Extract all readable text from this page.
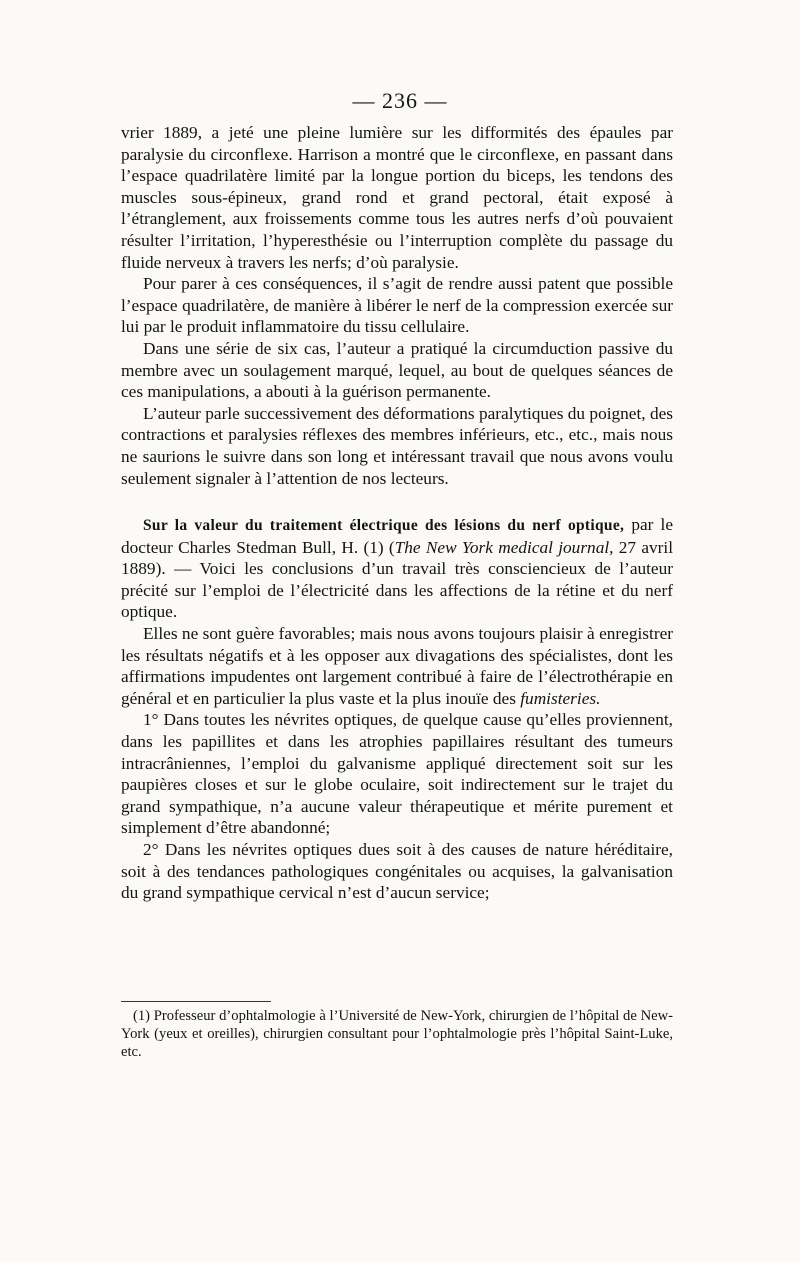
— 236 —

vrier 1889, a jeté une pleine lumière sur les difformités des épaules par paralysie du circonflexe. Harrison a montré que le circonflexe, en passant dans l’espace quadrilatère limité par la longue portion du biceps, les tendons des muscles sous-épineux, grand rond et grand pectoral, était exposé à l’étranglement, aux froissements comme tous les autres nerfs d’où pouvaient résulter l’irritation, l’hyperesthésie ou l’interruption complète du passage du fluide nerveux à travers les nerfs; d’où paralysie.

Pour parer à ces conséquences, il s’agit de rendre aussi patent que possible l’espace quadrilatère, de manière à libérer le nerf de la compression exercée sur lui par le produit inflammatoire du tissu cellulaire.

Dans une série de six cas, l’auteur a pratiqué la circumduction passive du membre avec un soulagement marqué, lequel, au bout de quelques séances de ces manipulations, a abouti à la guérison permanente.

L’auteur parle successivement des déformations paralytiques du poignet, des contractions et paralysies réflexes des membres inférieurs, etc., etc., mais nous ne saurions le suivre dans son long et intéressant travail que nous avons voulu seulement signaler à l’attention de nos lecteurs.

Sur la valeur du traitement électrique des lésions du nerf optique, par le docteur Charles Stedman Bull, H. (1) (The New York medical journal, 27 avril 1889). — Voici les conclusions d’un travail très consciencieux de l’auteur précité sur l’emploi de l’électricité dans les affections de la rétine et du nerf optique.

Elles ne sont guère favorables; mais nous avons toujours plaisir à enregistrer les résultats négatifs et à les opposer aux divagations des spécialistes, dont les affirmations impudentes ont largement contribué à faire de l’électrothérapie en général et en particulier la plus vaste et la plus inouïe des fumisteries.

1° Dans toutes les névrites optiques, de quelque cause qu’elles proviennent, dans les papillites et dans les atrophies papillaires résultant des tumeurs intracrâniennes, l’emploi du galvanisme appliqué directement soit sur les paupières closes et sur le globe oculaire, soit indirectement sur le trajet du grand sympathique, n’a aucune valeur thérapeutique et mérite purement et simplement d’être abandonné;

2° Dans les névrites optiques dues soit à des causes de nature héréditaire, soit à des tendances pathologiques congénitales ou acquises, la galvanisation du grand sympathique cervical n’est d’aucun service;

(1) Professeur d’ophtalmologie à l’Université de New-York, chirurgien de l’hôpital de New-York (yeux et oreilles), chirurgien consultant pour l’ophtalmologie près l’hôpital Saint-Luke, etc.
